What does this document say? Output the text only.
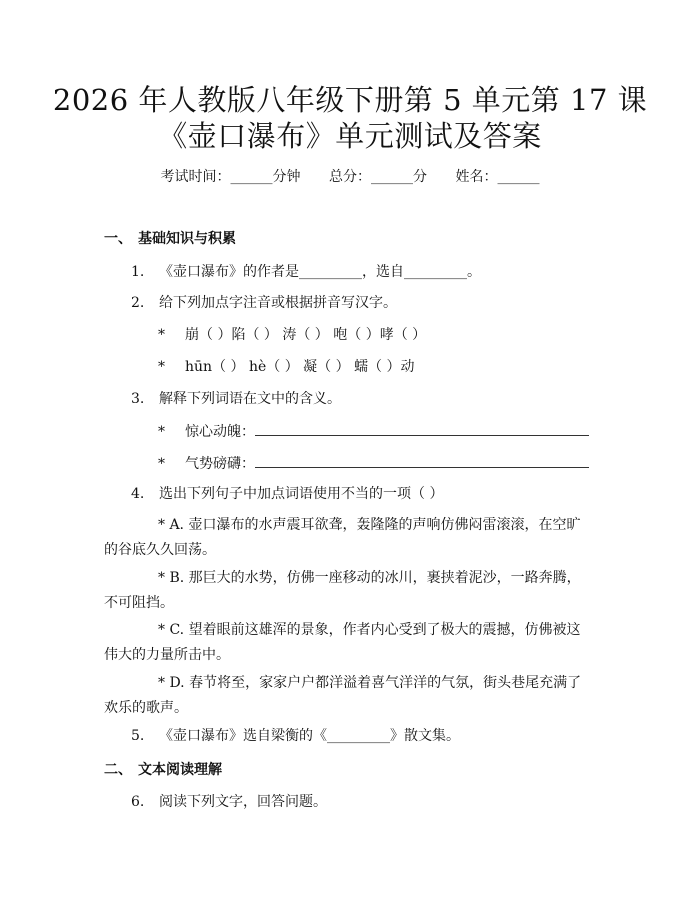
2026 年人教版八年级下册第 5 单元第 17 课
《壶口瀑布》单元测试及答案
考试时间：______分钟 总分：______分 姓名：______
一、 基础知识与积累
1. 《壶口瀑布》的作者是_________，选自_________。
2. 给下列加点字注音或根据拼音写汉字。
* 崩（ ）陷（ ） 涛（ ） 咆（ ）哮（ ）
* hūn（ ） hè（ ） 凝（ ） 蠕（ ）动
3. 解释下列词语在文中的含义。
* 惊心动魄：
* 气势磅礴：
4. 选出下列句子中加点词语使用不当的一项（ ）
* A. 壶口瀑布的水声震耳欲聋，轰隆隆的声响仿佛闷雷滚滚，在空旷的谷底久久回荡。
* B. 那巨大的水势，仿佛一座移动的冰川，裹挟着泥沙，一路奔腾，不可阻挡。
* C. 望着眼前这雄浑的景象，作者内心受到了极大的震撼，仿佛被这伟大的力量所击中。
* D. 春节将至，家家户户都洋溢着喜气洋洋的气氛，街头巷尾充满了欢乐的歌声。
5. 《壶口瀑布》选自梁衡的《_________》散文集。
二、 文本阅读理解
6. 阅读下列文字，回答问题。
